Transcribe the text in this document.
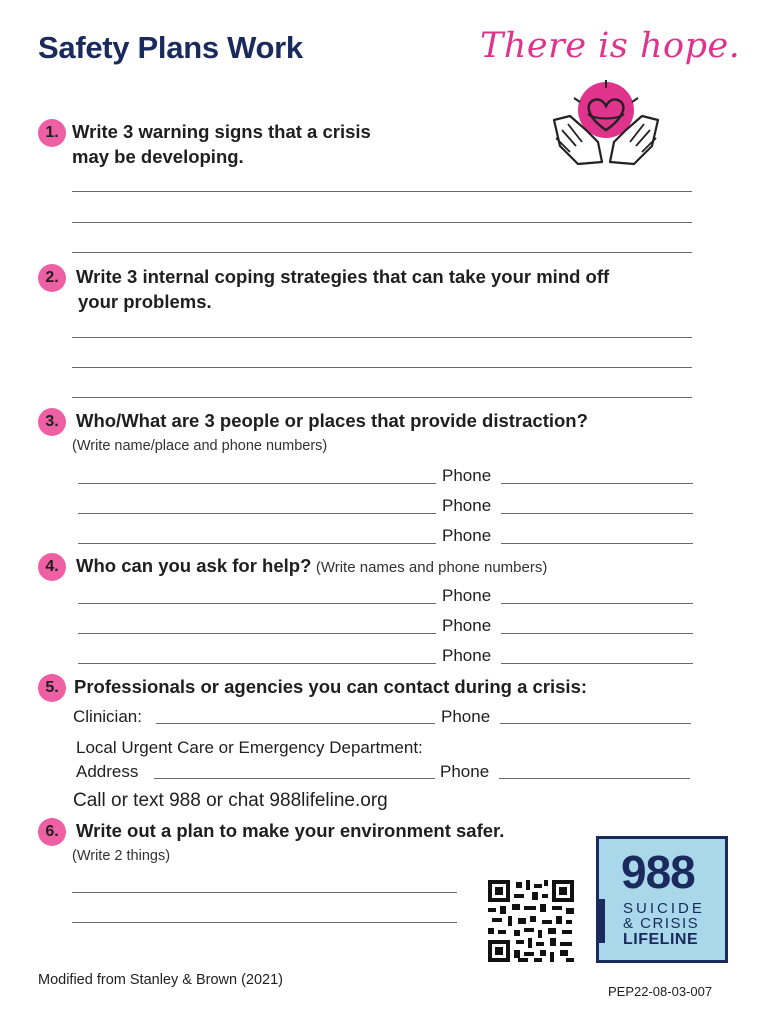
Safety Plans Work	There is hope.
1. Write 3 warning signs that a crisis
may be developing.
2. Write 3 internal coping strategies that can take your mind off
your problems.
3. Who/What are 3 people or places that provide distraction?
(Write name/place and phone numbers)
Phone
Phone
Phone
4. Who can you ask for help? (Write names and phone numbers)
Phone
Phone
Phone
5. Professionals or agencies you can contact during a crisis:
Clinician:	Phone
Local Urgent Care or Emergency Department:
Address	Phone
Call or text 988 or chat 988lifeline.org
6. Write out a plan to make your environment safer.
(Write 2 things)	988
SUICIDE
& CRISIS
LIFELINE
Modified from Stanley & Brown (2021)
PEP22-08-03-007
